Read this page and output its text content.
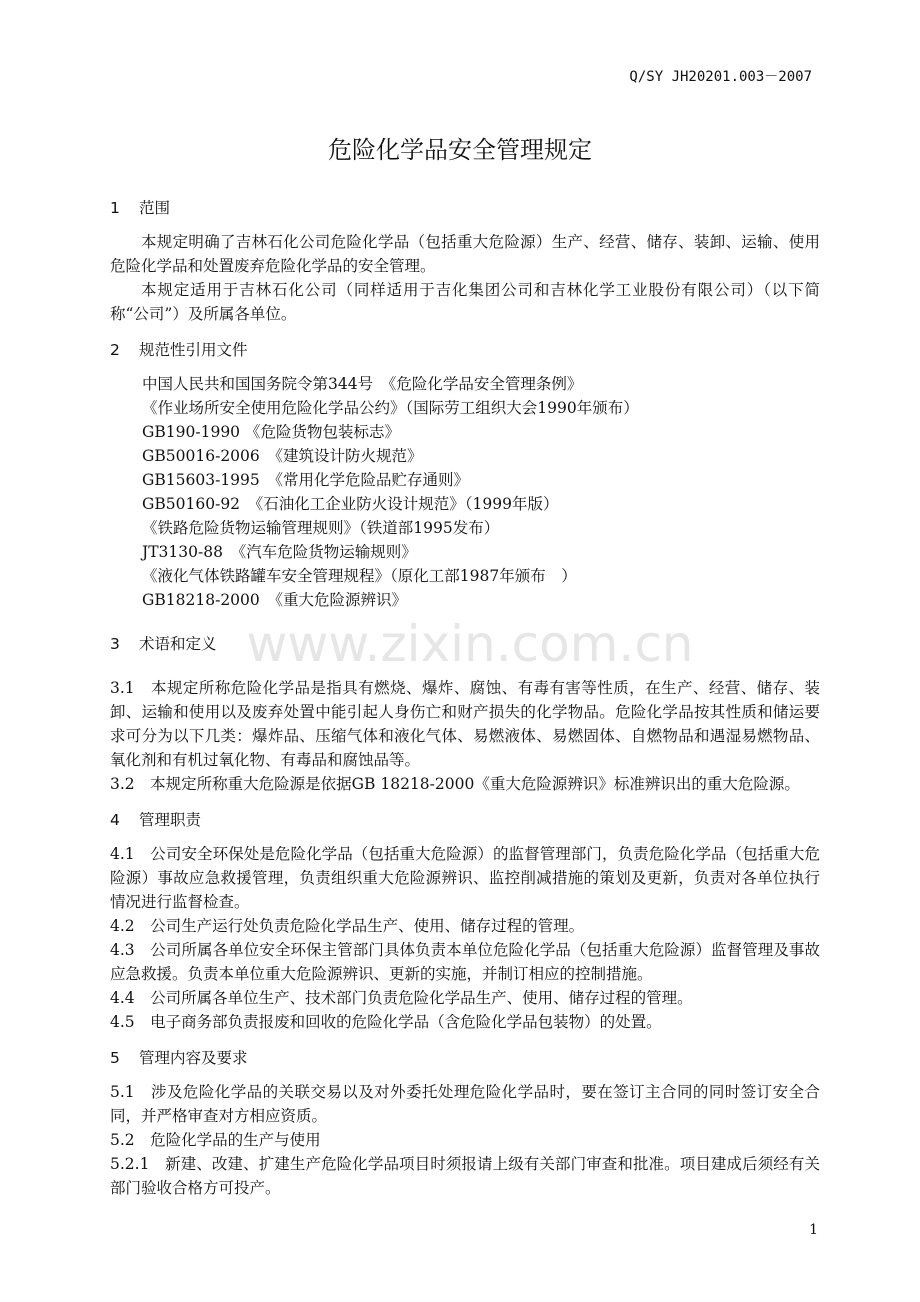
Q/SY JH20201.003－2007
危险化学品安全管理规定
1 范围

本规定明确了吉林石化公司危险化学品（包括重大危险源）生产、经营、储存、装卸、运输、使用危险化学品和处置废弃危险化学品的安全管理。

本规定适用于吉林石化公司（同样适用于吉化集团公司和吉林化学工业股份有限公司）（以下简称“公司”）及所属各单位。

2 规范性引用文件

中国人民共和国国务院令第344号　《危险化学品安全管理条例》

《作业场所安全使用危险化学品公约》（国际劳工组织大会1990年颁布）

GB190-1990 《危险货物包装标志》

GB50016-2006　《建筑设计防火规范》

GB15603-1995　《常用化学危险品贮存通则》

GB50160-92　《石油化工企业防火设计规范》（1999年版）

《铁路危险货物运输管理规则》（铁道部1995发布）

JT3130-88　《汽车危险货物运输规则》

《液化气体铁路罐车安全管理规程》（原化工部1987年颁布　）

GB18218-2000　《重大危险源辨识》

3 术语和定义 www.zixin.com.cn

3.1　本规定所称危险化学品是指具有燃烧、爆炸、腐蚀、有毒有害等性质，在生产、经营、储存、装卸、运输和使用以及废弃处置中能引起人身伤亡和财产损失的化学物品。危险化学品按其性质和储运要求可分为以下几类：爆炸品、压缩气体和液化气体、易燃液体、易燃固体、自燃物品和遇湿易燃物品、氧化剂和有机过氧化物、有毒品和腐蚀品等。

3.2　本规定所称重大危险源是依据GB 18218-2000《重大危险源辨识》标准辨识出的重大危险源。

4 管理职责

4.1　公司安全环保处是危险化学品（包括重大危险源）的监督管理部门，负责危险化学品（包括重大危险源）事故应急救援管理，负责组织重大危险源辨识、监控削减措施的策划及更新，负责对各单位执行情况进行监督检查。

4.2　公司生产运行处负责危险化学品生产、使用、储存过程的管理。

4.3　公司所属各单位安全环保主管部门具体负责本单位危险化学品（包括重大危险源）监督管理及事故应急救援。负责本单位重大危险源辨识、更新的实施，并制订相应的控制措施。

4.4　公司所属各单位生产、技术部门负责危险化学品生产、使用、储存过程的管理。

4.5　电子商务部负责报废和回收的危险化学品（含危险化学品包装物）的处置。

5 管理内容及要求

5.1　涉及危险化学品的关联交易以及对外委托处理危险化学品时，要在签订主合同的同时签订安全合同，并严格审查对方相应资质。

5.2　危险化学品的生产与使用

5.2.1　新建、改建、扩建生产危险化学品项目时须报请上级有关部门审查和批准。项目建成后须经有关部门验收合格方可投产。

1
